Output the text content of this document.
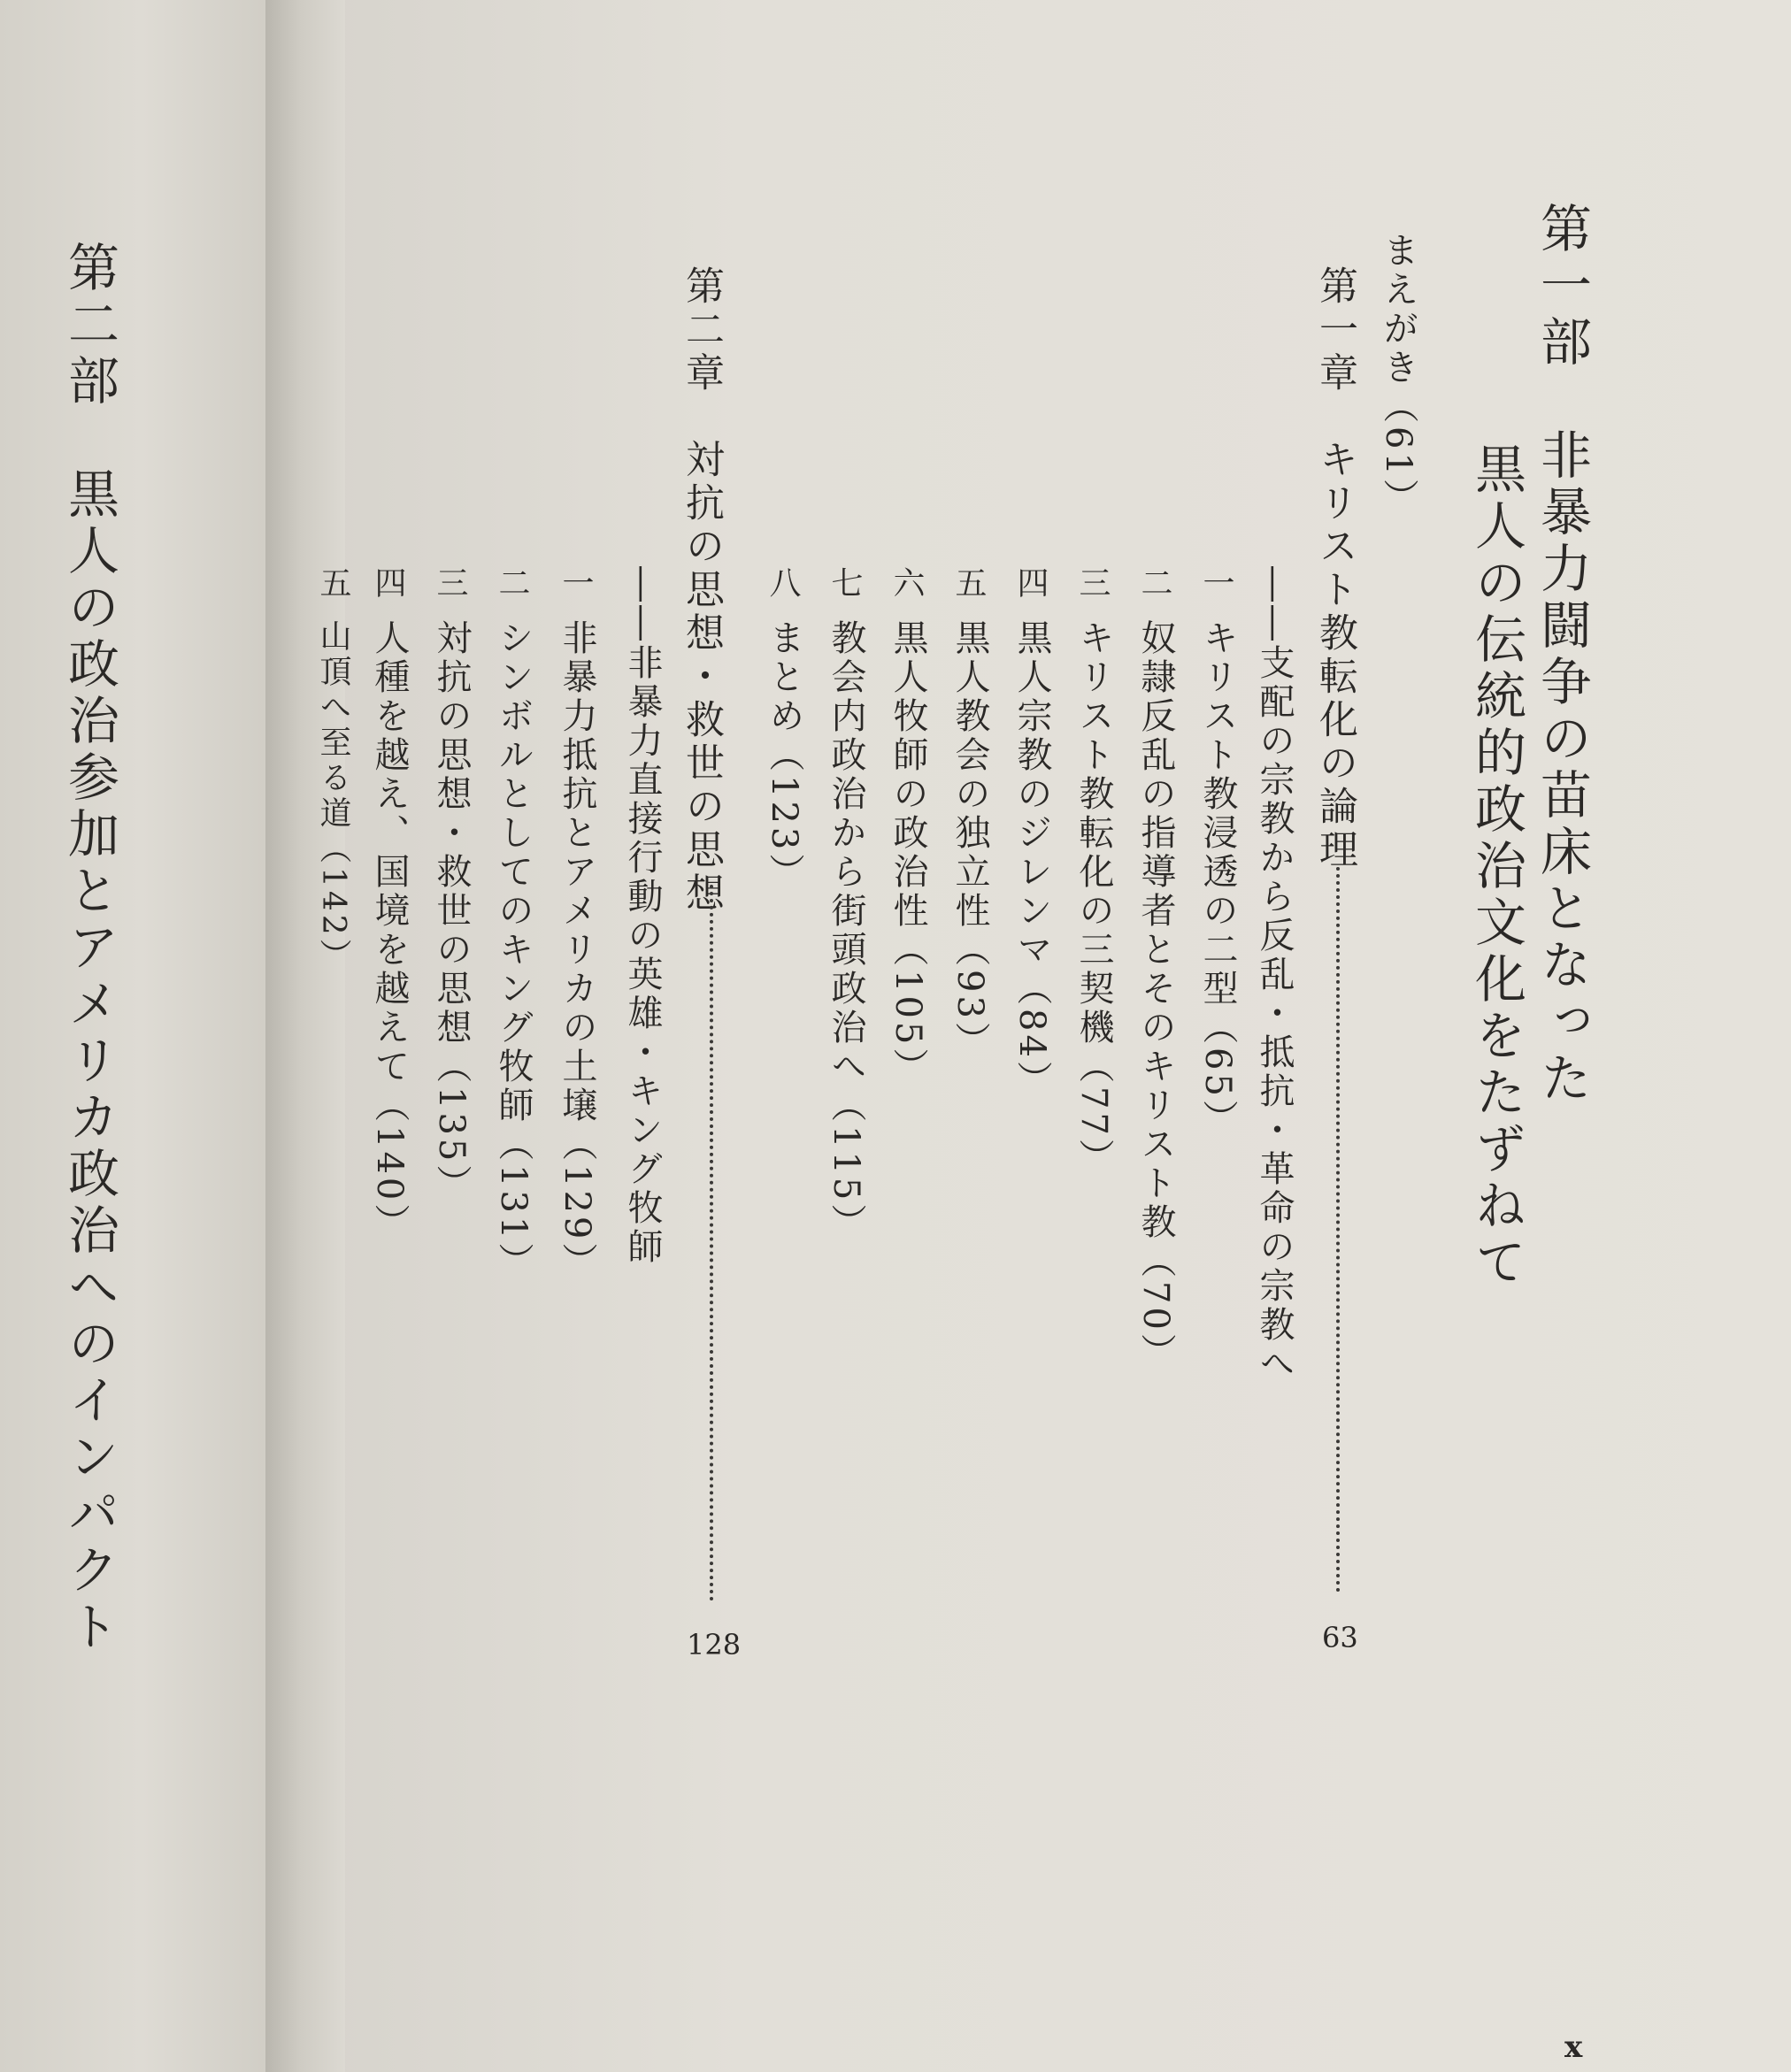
第一部　非暴力闘争の苗床となった
黒人の伝統的政治文化をたずねて
まえがき（61）
第一章　キリスト教転化の論理
63
――支配の宗教から反乱・抵抗・革命の宗教へ
一
キリスト教浸透の二型（65）
二
奴隷反乱の指導者とそのキリスト教（70）
三
キリスト教転化の三契機（77）
四
黒人宗教のジレンマ（84）
五
黒人教会の独立性（93）
六
黒人牧師の政治性（105）
七
教会内政治から街頭政治へ（115）
八
まとめ（123）
第二章　対抗の思想・救世の思想
128
――非暴力直接行動の英雄・キング牧師
一
非暴力抵抗とアメリカの土壌（129）
二
シンボルとしてのキング牧師（131）
三
対抗の思想・救世の思想（135）
四
人種を越え、国境を越えて（140）
五
山頂へ至る道（142）
第二部　黒人の政治参加とアメリカ政治へのインパクト
x
